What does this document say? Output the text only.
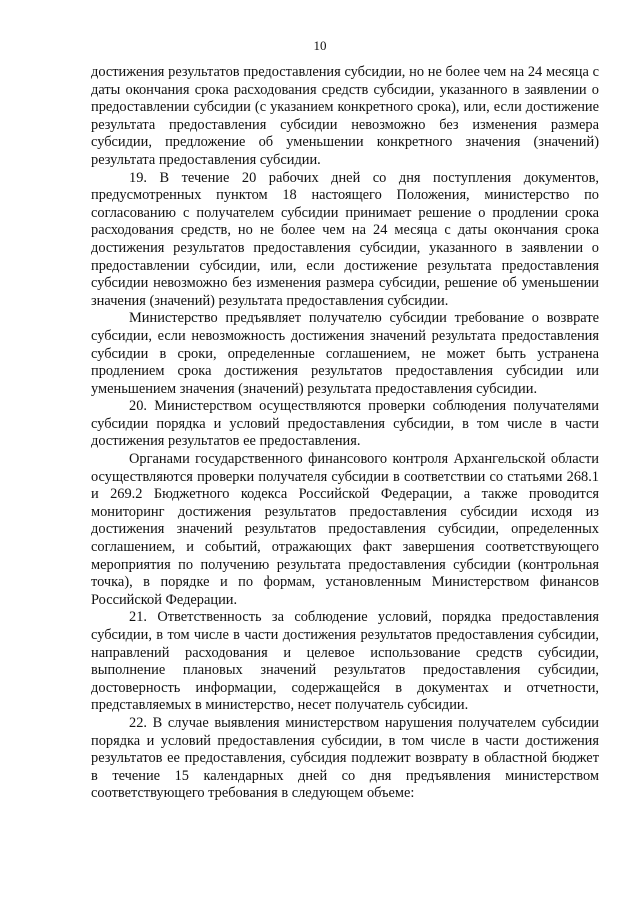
10

достижения результатов предоставления субсидии, но не более чем на 24 месяца с даты окончания срока расходования средств субсидии, указанного в заявлении о предоставлении субсидии (с указанием конкретного срока), или, если достижение результата предоставления субсидии невозможно без изменения размера субсидии, предложение об уменьшении конкретного значения (значений) результата предоставления субсидии.

19. В течение 20 рабочих дней со дня поступления документов, предусмотренных пунктом 18 настоящего Положения, министерство по согласованию с получателем субсидии принимает решение о продлении срока расходования средств, но не более чем на 24 месяца с даты окончания срока достижения результатов предоставления субсидии, указанного в заявлении о предоставлении субсидии, или, если достижение результата предоставления субсидии невозможно без изменения размера субсидии, решение об уменьшении значения (значений) результата предоставления субсидии.

Министерство предъявляет получателю субсидии требование о возврате субсидии, если невозможность достижения значений результата предоставления субсидии в сроки, определенные соглашением, не может быть устранена продлением срока достижения результатов предоставления субсидии или уменьшением значения (значений) результата предоставления субсидии.

20. Министерством осуществляются проверки соблюдения получателями субсидии порядка и условий предоставления субсидии, в том числе в части достижения результатов ее предоставления.

Органами государственного финансового контроля Архангельской области осуществляются проверки получателя субсидии в соответствии со статьями 268.1 и 269.2 Бюджетного кодекса Российской Федерации, а также проводится мониторинг достижения результатов предоставления субсидии исходя из достижения значений результатов предоставления субсидии, определенных соглашением, и событий, отражающих факт завершения соответствующего мероприятия по получению результата предоставления субсидии (контрольная точка), в порядке и по формам, установленным Министерством финансов Российской Федерации.

21. Ответственность за соблюдение условий, порядка предоставления субсидии, в том числе в части достижения результатов предоставления субсидии, направлений расходования и целевое использование средств субсидии, выполнение плановых значений результатов предоставления субсидии, достоверность информации, содержащейся в документах и отчетности, представляемых в министерство, несет получатель субсидии.

22. В случае выявления министерством нарушения получателем субсидии порядка и условий предоставления субсидии, в том числе в части достижения результатов ее предоставления, субсидия подлежит возврату в областной бюджет в течение 15 календарных дней со дня предъявления министерством соответствующего требования в следующем объеме:
